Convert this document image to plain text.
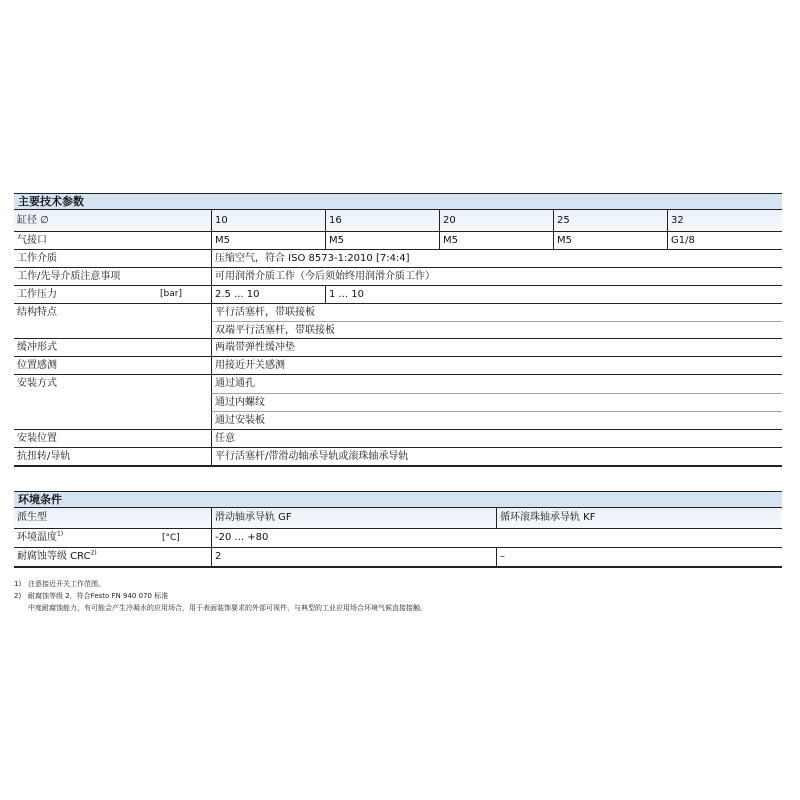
主要技术参数
缸径 ∅	10	16	20	25	32
气接口	M5	M5	M5	M5	G1/8
工作介质	压缩空气，符合 ISO 8573-1:2010 [7:4:4]
工作/先导介质注意事项	可用润滑介质工作（今后须始终用润滑介质工作）
工作压力	[bar]	2.5 ... 10	1 ... 10
结构特点	平行活塞杆，带联接板
双端平行活塞杆，带联接板
缓冲形式	两端带弹性缓冲垫
位置感测	用接近开关感测
安装方式	通过通孔
通过内螺纹
通过安装板
安装位置	任意
抗扭转/导轨	平行活塞杆/带滑动轴承导轨或滚珠轴承导轨
环境条件
派生型	滑动轴承导轨 GF	循环滚珠轴承导轨 KF
环境温度$^{1)}$	[°C]	-20 ... +80
耐腐蚀等级 CRC$^{2)}$	2	–
1) 注意接近开关工作范围。
2) 耐腐蚀等级 2，符合Festo FN 940 070 标准
中度耐腐蚀能力，有可能会产生冷凝水的应用场合，用于表面装饰要求的外部可视件，与典型的工业应用场合环境气候直接接触。
